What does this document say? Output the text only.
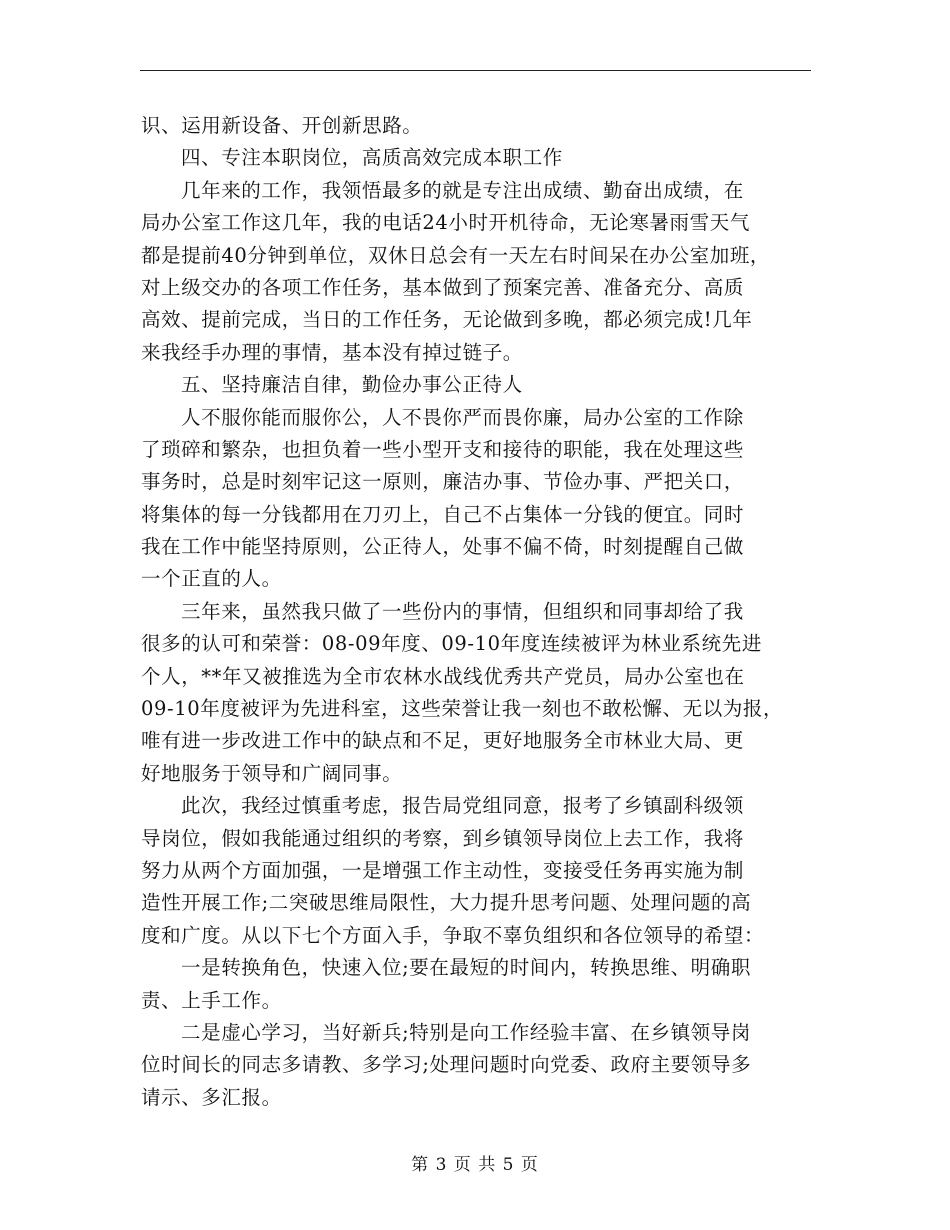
识、运用新设备、开创新思路。
四、专注本职岗位，高质高效完成本职工作
几年来的工作，我领悟最多的就是专注出成绩、勤奋出成绩，在
局办公室工作这几年，我的电话24小时开机待命，无论寒暑雨雪天气
都是提前40分钟到单位，双休日总会有一天左右时间呆在办公室加班，
对上级交办的各项工作任务，基本做到了预案完善、准备充分、高质
高效、提前完成，当日的工作任务，无论做到多晚，都必须完成!几年
来我经手办理的事情，基本没有掉过链子。
五、坚持廉洁自律，勤俭办事公正待人
人不服你能而服你公，人不畏你严而畏你廉，局办公室的工作除
了琐碎和繁杂，也担负着一些小型开支和接待的职能，我在处理这些
事务时，总是时刻牢记这一原则，廉洁办事、节俭办事、严把关口，
将集体的每一分钱都用在刀刃上，自己不占集体一分钱的便宜。同时
我在工作中能坚持原则，公正待人，处事不偏不倚，时刻提醒自己做
一个正直的人。
三年来，虽然我只做了一些份内的事情，但组织和同事却给了我
很多的认可和荣誉：08-09年度、09-10年度连续被评为林业系统先进
个人，**年又被推选为全市农林水战线优秀共产党员，局办公室也在
09-10年度被评为先进科室，这些荣誉让我一刻也不敢松懈、无以为报，
唯有进一步改进工作中的缺点和不足，更好地服务全市林业大局、更
好地服务于领导和广阔同事。
此次，我经过慎重考虑，报告局党组同意，报考了乡镇副科级领
导岗位，假如我能通过组织的考察，到乡镇领导岗位上去工作，我将
努力从两个方面加强，一是增强工作主动性，变接受任务再实施为制
造性开展工作;二突破思维局限性，大力提升思考问题、处理问题的高
度和广度。从以下七个方面入手，争取不辜负组织和各位领导的希望：
一是转换角色，快速入位;要在最短的时间内，转换思维、明确职
责、上手工作。
二是虚心学习，当好新兵;特别是向工作经验丰富、在乡镇领导岗
位时间长的同志多请教、多学习;处理问题时向党委、政府主要领导多
请示、多汇报。
第 3 页 共 5 页
